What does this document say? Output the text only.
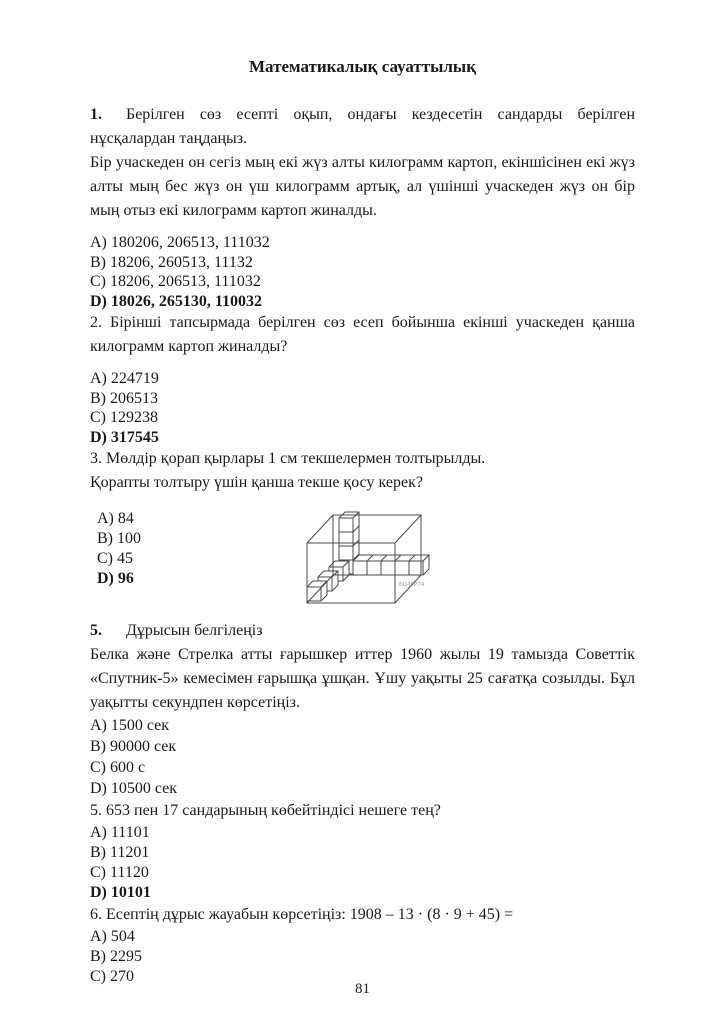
Математикалық сауаттылық

1. Берілген сөз есепті оқып, ондағы кездесетін сандарды берілген нұсқалардан таңдаңыз.

Бір учаскеден он сегіз мың екі жүз алты килограмм картоп, екіншісінен екі жүз алты мың бес жүз он үш килограмм артық, ал үшінші учаскеден жүз он бір мың отыз екі килограмм картоп жиналды.

A) 180206, 206513, 111032
B) 18206, 260513, 11132
C) 18206, 206513, 111032
D) 18026, 265130, 110032

2. Бірінші тапсырмада берілген сөз есеп бойынша екінші учаскеден қанша килограмм картоп жиналды?

A) 224719
B) 206513
C) 129238
D) 317545

3. Мөлдір қорап қырлары 1 см текшелермен толтырылды.

Қорапты толтыру үшін қанша текше қосу керек?

A) 84
B) 100
C) 45
D) 96	БЦ48Р74

5. Дұрысын белгілеңіз

Белка және Стрелка атты ғарышкер иттер 1960 жылы 19 тамызда Советтік «Спутник-5» кемесімен ғарышқа ұшқан. Ұшу уақыты 25 сағатқа созылды. Бұл уақытты секундпен көрсетіңіз.

A) 1500 сек
B) 90000 сек
C) 600 с
D) 10500 сек

5. 653 пен 17 сандарының көбейтіндісі нешеге тең?

A) 11101
B) 11201
C) 11120
D) 10101

6. Есептің дұрыс жауабын көрсетіңіз: 1908 – 13 · (8 · 9 + 45) =

A) 504
B) 2295
C) 270
81
